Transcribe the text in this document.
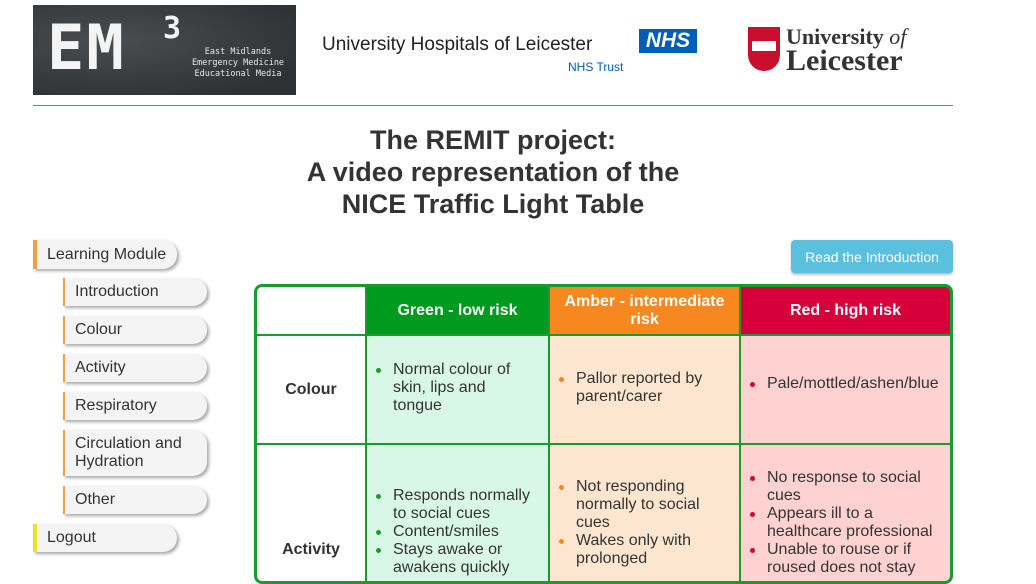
EM 3
East Midlands
Emergency Medicine
Educational Media
University Hospitals of Leicester	NHS
NHS Trust
University of
Leicester
The REMIT project:
A video representation of the
NICE Traffic Light Table
Learning Module
Introduction
Colour
Activity
Respiratory
Circulation and Hydration
Other
Logout
Read the Introduction
Green - low risk
Amber - intermediate risk
Red - high risk
Colour
Normal colour of skin, lips and tongue
Pallor reported by parent/carer
Pale/mottled/ashen/blue
Activity
Responds normally to social cues
Content/smiles
Stays awake or awakens quickly
Not responding normally to social cues
Wakes only with prolonged
No response to social cues
Appears ill to a healthcare professional
Unable to rouse or if roused does not stay
